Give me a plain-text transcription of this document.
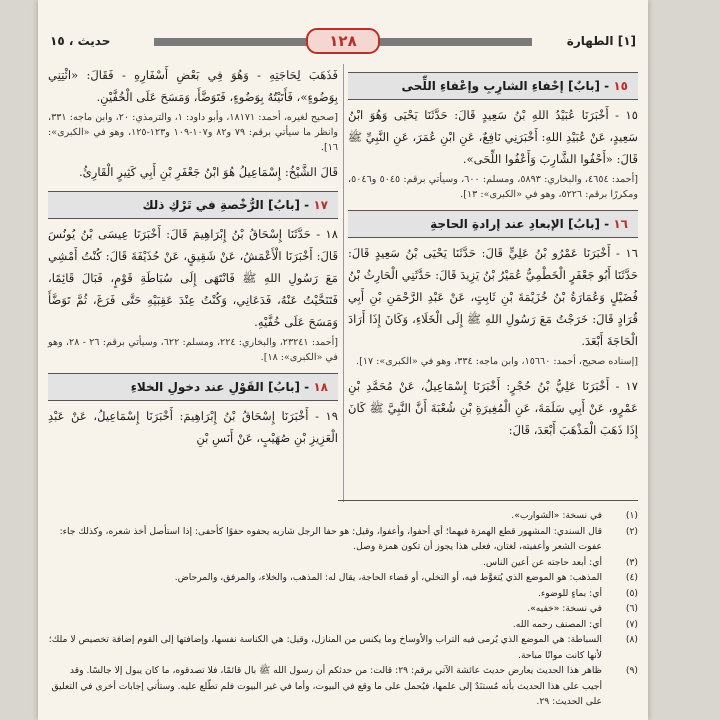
[١] الطهارة
١٢٨
حديث ، ١٥
١٥ - [بابٌ] إحْفاءِ الشارِبِ وإعْفاءِ اللِّحى

١٥ - أَخْبَرَنَا عُبَيْدُ اللهِ بْنُ سَعِيدٍ قَالَ: حَدَّثَنَا يَحْيَى وَهُوَ ابْنُ سَعِيدٍ، عَنْ عُبَيْدِ اللهِ: أَخْبَرَنِي نَافِعٌ، عَنِ ابْنِ عُمَرَ، عَنِ النَّبِيِّ ﷺ قَالَ: «أَحْفُوا الشَّارِبَ وَأَعْفُوا اللِّحَى».

[أحمد: ٤٦٥٤، والبخاري: ٥٨٩٣، ومسلم: ٦٠٠، وسيأتي برقم: ٥٠٤٥ و٥٠٤٦، ومكررًا برقم: ٥٢٢٦، وهو في «الكبرى»: ١٣].

١٦ - [بابُ] الإبعادِ عند إرادةِ الحاجةِ

١٦ - أَخْبَرَنَا عَمْرُو بْنُ عَلِيٍّ قَالَ: حَدَّثَنَا يَحْيَى بْنُ سَعِيدٍ قَالَ: حَدَّثَنَا أَبُو جَعْفَرٍ الْخَطْمِيُّ عُمَيْرُ بْنُ يَزِيدَ قَالَ: حَدَّثَنِي الْحَارِثُ بْنُ فُضَيْلٍ وَعُمَارَةُ بْنُ خُزَيْمَةَ بْنِ ثَابِتٍ، عَنْ عَبْدِ الرَّحْمَنِ بْنِ أَبِي قُرَادٍ قَالَ: خَرَجْتُ مَعَ رَسُولِ اللهِ ﷺ إِلَى الْخَلَاءِ، وَكَانَ إِذَا أَرَادَ الْحَاجَةَ أَبْعَدَ.

[إسناده صحيح، أحمد: ١٥٦٦٠، وابن ماجه: ٣٣٤، وهو في «الكبرى»: ١٧].

١٧ - أَخْبَرَنَا عَلِيُّ بْنُ حُجْرٍ: أَخْبَرَنَا إِسْمَاعِيلُ، عَنْ مُحَمَّدِ بْنِ عَمْرٍو، عَنْ أَبِي سَلَمَةَ، عَنِ الْمُغِيرَةِ بْنِ شُعْبَةَ أَنَّ النَّبِيَّ ﷺ كَانَ إِذَا ذَهَبَ الْمَذْهَبَ أَبْعَدَ، قَالَ:

فَذَهَبَ لِحَاجَتِهِ - وَهُوَ فِي بَعْضِ أَسْفَارِهِ - فَقَالَ: «ائْتِنِي بِوَضُوءٍ»، فَأَتَيْتُهُ بِوَضُوءٍ، فَتَوَضَّأَ، وَمَسَحَ عَلَى الْخُفَّيْنِ.

[صحيح لغيره، أحمد: ١٨١٧١، وأبو داود: ١، والترمذي: ٢٠، وابن ماجه: ٣٣١، وانظر ما سيأتي برقم: ٧٩ و٨٢ و١٠٧-١٠٩ و١٢٣-١٢٥، وهو في «الكبرى»: ١٦].

قَالَ الشَّيْخُ: إِسْمَاعِيلُ هُوَ ابْنُ جَعْفَرِ بْنِ أَبِي كَثِيرٍ الْقَارِئُ.

١٧ - [بابُ] الرُّخْصةِ في تَرْكِ ذلك

١٨ - حَدَّثَنَا إِسْحَاقُ بْنُ إِبْرَاهِيمَ قَالَ: أَخْبَرَنَا عِيسَى بْنُ يُونُسَ قَالَ: أَخْبَرَنَا الْأَعْمَشُ، عَنْ شَقِيقٍ، عَنْ حُذَيْفَةَ قَالَ: كُنْتُ أَمْشِي مَعَ رَسُولِ اللهِ ﷺ فَانْتَهَى إِلَى سُبَاطَةِ قَوْمٍ، فَبَالَ قَائِمًا، فَتَنَحَّيْتُ عَنْهُ، فَدَعَانِي، وَكُنْتُ عِنْدَ عَقِبَيْهِ حَتَّى فَرَغَ، ثُمَّ تَوَضَّأَ وَمَسَحَ عَلَى خُفَّيْهِ.

[أحمد: ٢٣٢٤١، والبخاري: ٢٢٤، ومسلم: ٦٢٢، وسيأتي برقم: ٢٦ - ٢٨، وهو في «الكبرى»: ١٨].

١٨ - [بابُ] القَوْلِ عند دخولِ الخلاءِ

١٩ - أَخْبَرَنَا إِسْحَاقُ بْنُ إِبْرَاهِيمَ: أَخْبَرَنَا إِسْمَاعِيلُ، عَنْ عَبْدِ الْعَزِيزِ بْنِ صُهَيْبٍ، عَنْ أَنَسِ بْنِ

(١)
في نسخة: «الشوارب».
(٢)
قال السندي: المشهور قطع الهمزة فيهما؛ أي أحفوا، وأعفوا، وقيل: هو حفا الرجل شاربه يحفوه حفوًا كأحفى: إذا استأصل أخذ شعره، وكذلك جاء: عفوت الشعر وأعفيته، لغتان، فعلى هذا يجوز أن تكون همزة وصل.
(٣)
أي: أبعد حاجته عن أعين الناس.
(٤)
المذهب: هو الموضع الذي يُتغوَّط فيه، أو التخلي، أو قضاء الحاجة، يقال له: المذهب، والخلاء، والمرفق، والمرحاض.
(٥)
أي: بماءٍ للوضوء.
(٦)
في نسخة: «خفيه».
(٧)
أي: المصنف رحمه الله.
(٨)
السباطة: هي الموضع الذي يُرمى فيه التراب والأوساخ وما يكنس من المنازل، وقيل: هي الكناسة نفسها، وإضافتها إلى القوم إضافة تخصيص لا ملك؛ لأنها كانت مواتًا مباحة.
(٩)
ظاهر هذا الحديث يعارض حديث عائشة الآتي برقم: ٢٩: قالت: من حدثكم أن رسول الله ﷺ بال قائمًا، فلا تصدقوه، ما كان يبول إلا جالسًا. وقد أجيب على هذا الحديث بأنه مُستنَدٌ إلى علمها، فيُحمل على ما وقع في البيوت، وأما في غير البيوت فلم تطّلع عليه. وستأتي إجابات أخرى في التعليق على الحديث: ٢٩.
